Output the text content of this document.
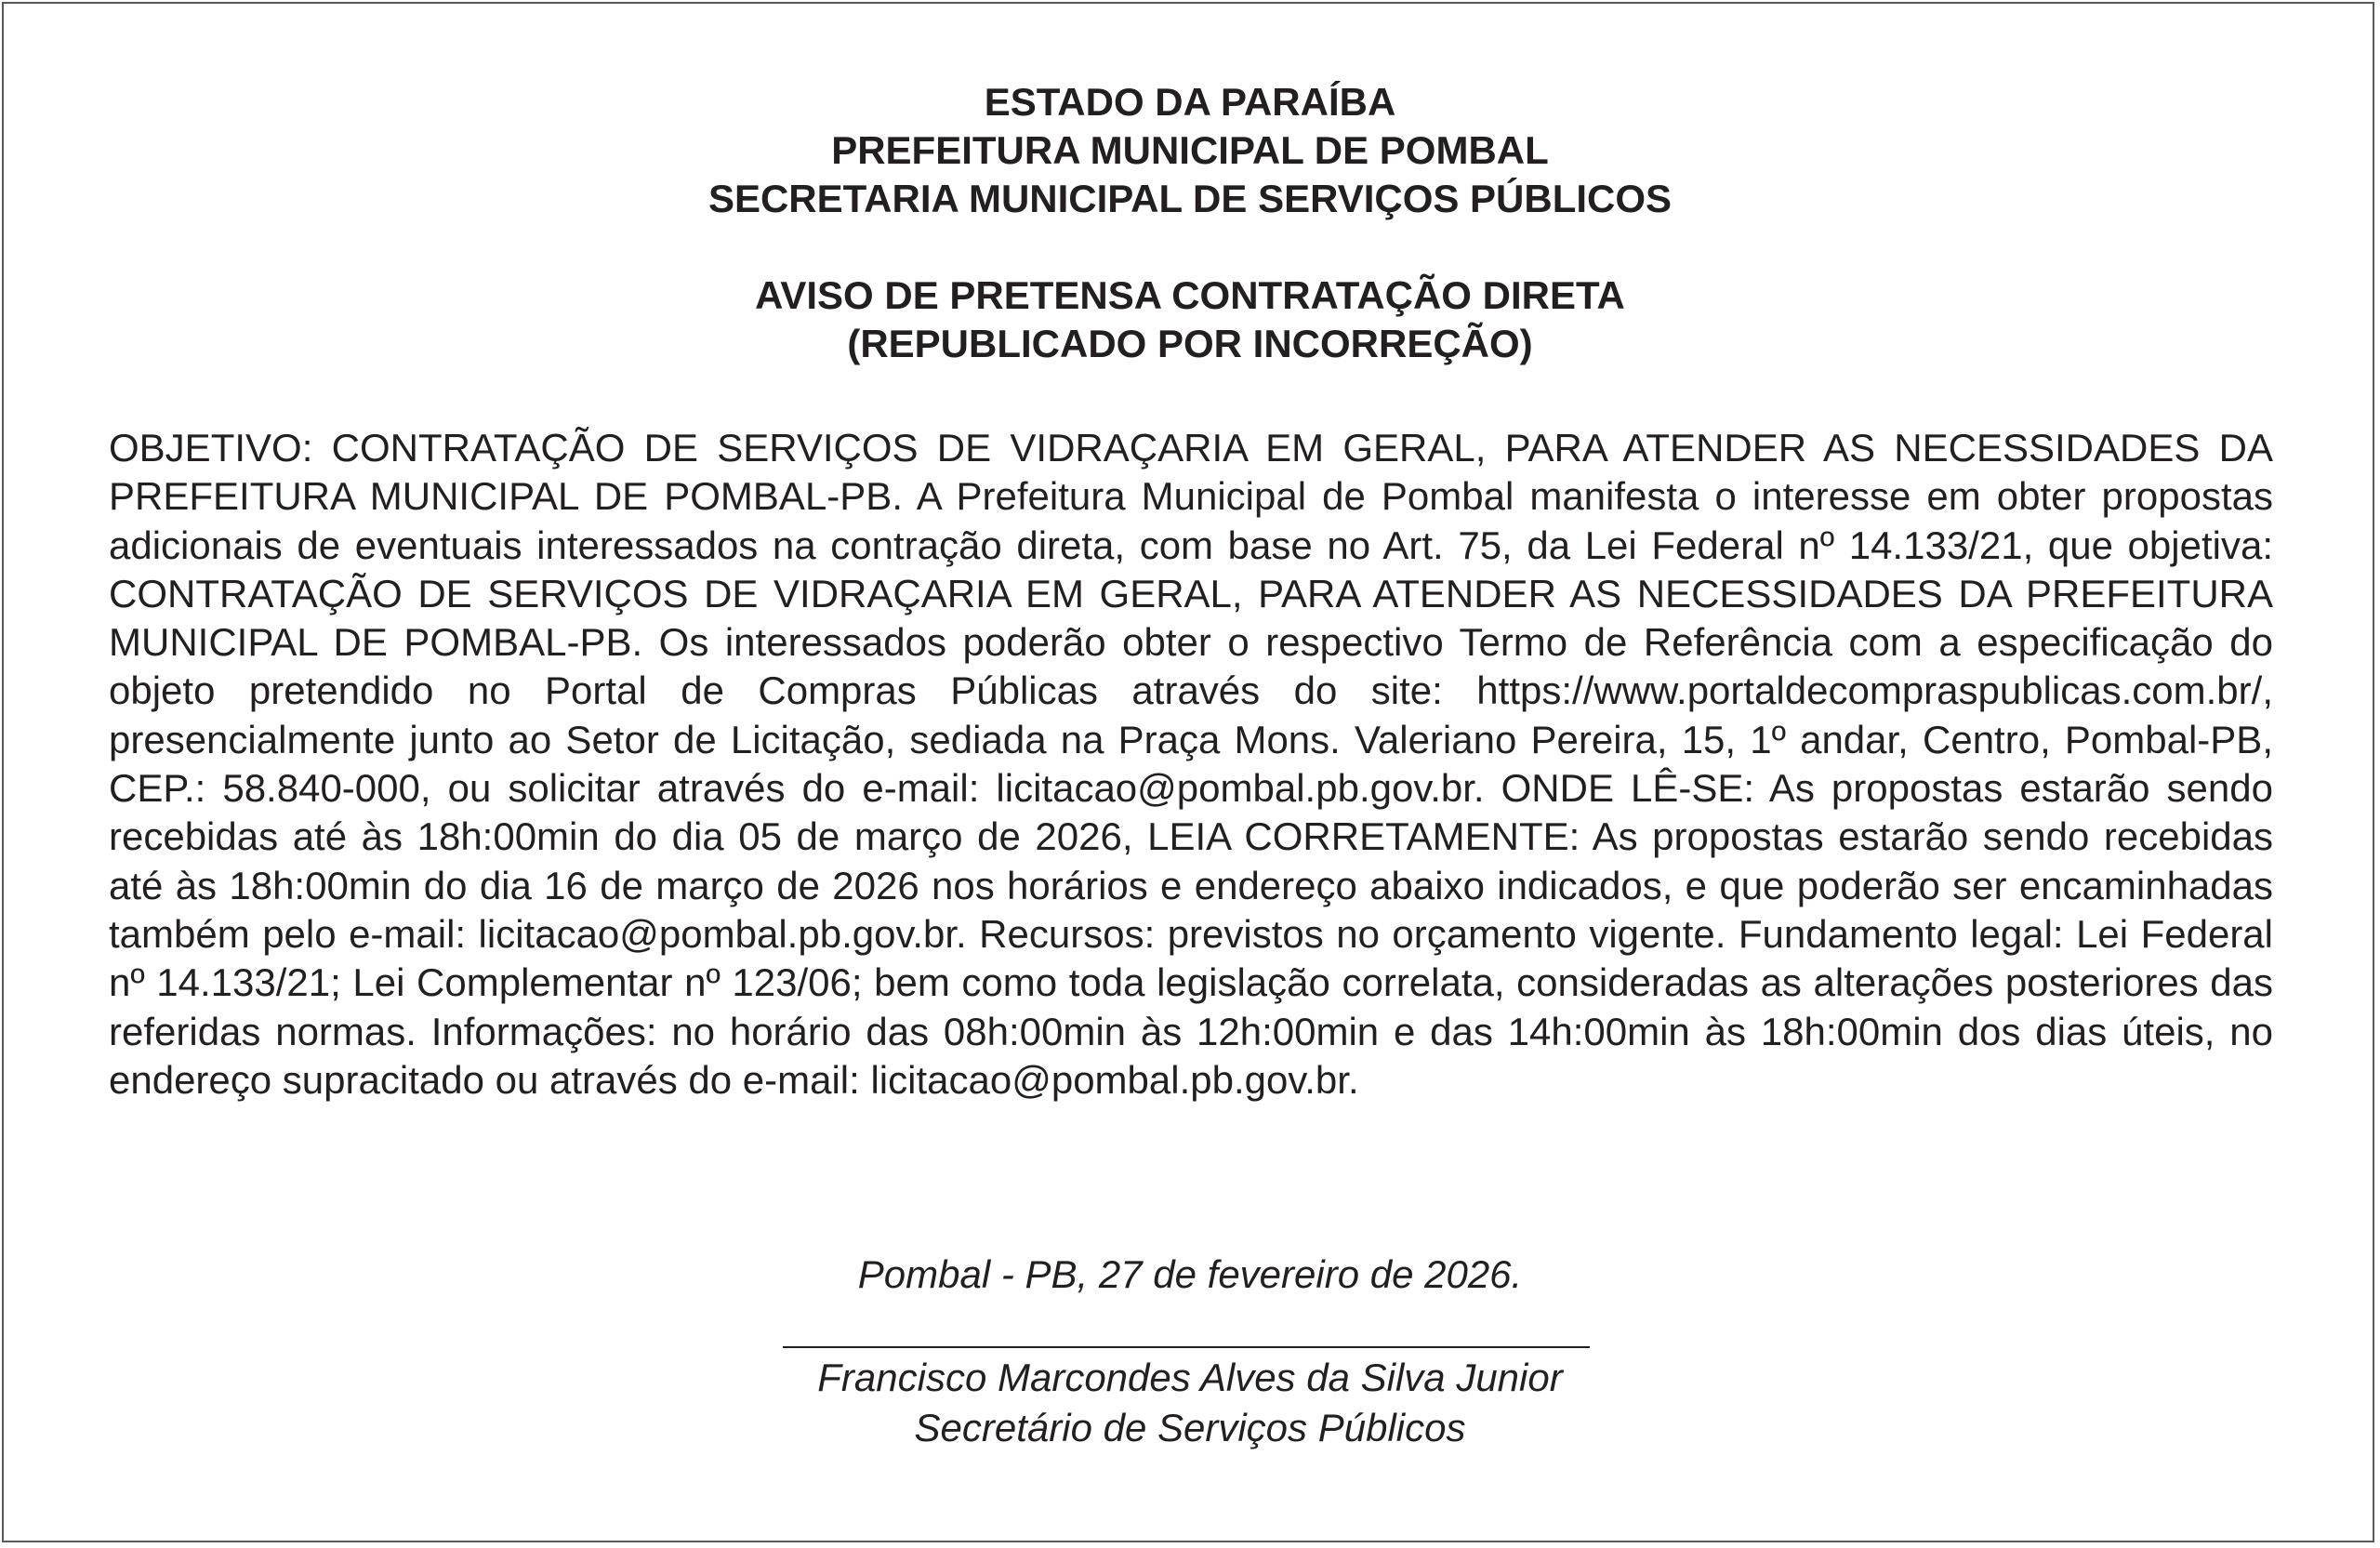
ESTADO DA PARAÍBA
PREFEITURA MUNICIPAL DE POMBAL
SECRETARIA MUNICIPAL DE SERVIÇOS PÚBLICOS
AVISO DE PRETENSA CONTRATAÇÃO DIRETA
(REPUBLICADO POR INCORREÇÃO)

OBJETIVO: CONTRATAÇÃO DE SERVIÇOS DE VIDRAÇARIA EM GERAL, PARA ATENDER AS NECESSIDADES DA PREFEITURA MUNICIPAL DE POMBAL-PB. A Prefeitura Municipal de Pombal manifesta o interesse em obter propostas adicionais de eventuais interessados na contração direta, com base no Art. 75, da Lei Federal nº 14.133/21, que objetiva: CONTRATAÇÃO DE SERVIÇOS DE VIDRAÇARIA EM GERAL, PARA ATENDER AS NECESSIDADES DA PREFEITURA MUNICIPAL DE POMBAL-PB. Os interessados poderão obter o respectivo Termo de Referência com a especificação do objeto pretendido no Portal de Compras Públicas através do site: https://www.portaldecompraspublicas.com.br/, presencialmente junto ao Setor de Licitação, sediada na Praça Mons. Valeriano Pereira, 15, 1º andar, Centro, Pombal-PB, CEP.: 58.840-000, ou solicitar através do e-mail: licitacao@pombal.pb.gov.br. ONDE LÊ-SE: As propostas estarão sendo recebidas até às 18h:00min do dia 05 de março de 2026, LEIA CORRETAMENTE: As propostas estarão sendo recebidas até às 18h:00min do dia 16 de março de 2026 nos horários e endereço abaixo indicados, e que poderão ser encaminhadas também pelo e-mail: licitacao@pombal.pb.gov.br. Recursos: previstos no orçamento vigente. Fundamento legal: Lei Federal nº 14.133/21; Lei Complementar nº 123/06; bem como toda legislação correlata, consideradas as alterações posteriores das referidas normas. Informações: no horário das 08h:00min às 12h:00min e das 14h:00min às 18h:00min dos dias úteis, no endereço supracitado ou através do e-mail: licitacao@pombal.pb.gov.br.

Pombal - PB, 27 de fevereiro de 2026.
Francisco Marcondes Alves da Silva Junior
Secretário de Serviços Públicos
